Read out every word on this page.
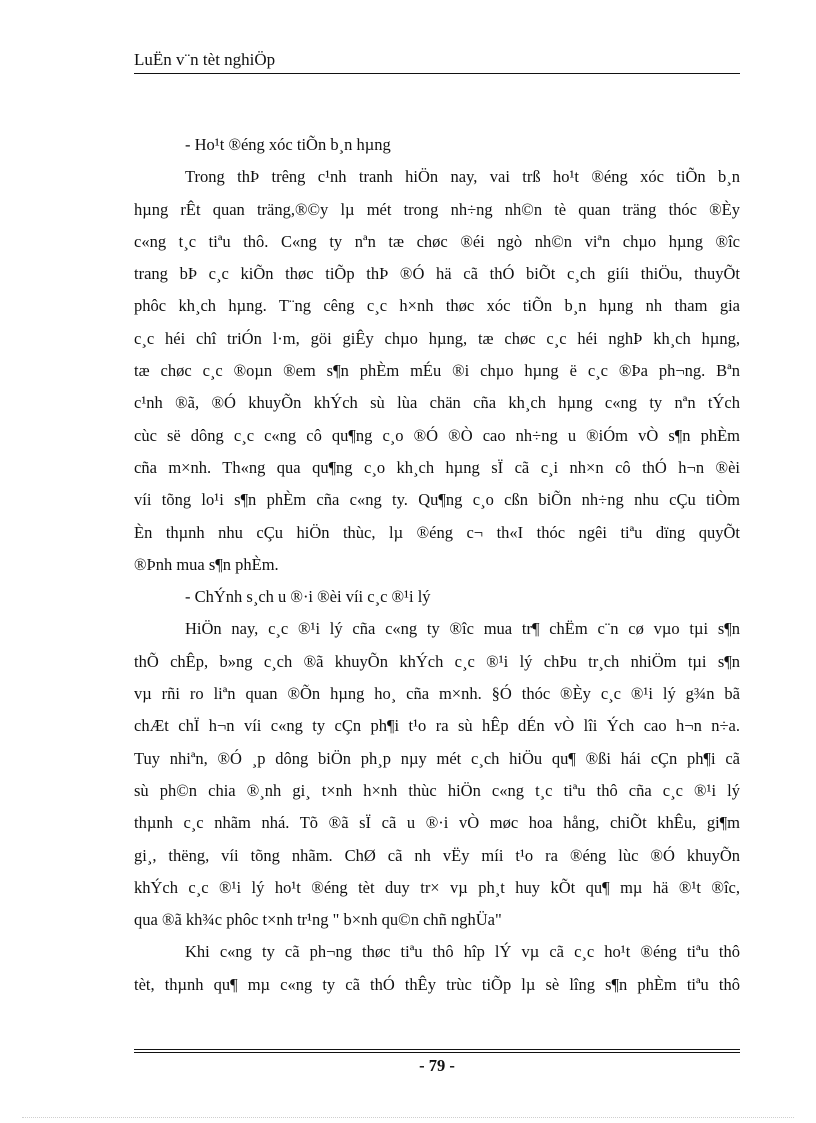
LuËn v¨n tèt nghiÖp
- Ho¹t ®éng xóc tiÕn b¸n hµng
Trong thÞ trêng c¹nh tranh hiÖn nay, vai trß ho¹t ®éng xóc tiÕn b¸n
hµng rÊt quan träng,®©y lµ mét trong nh÷ng nh©n tè quan träng thóc ®Èy
c«ng t¸c tiªu thô. C«ng ty nªn tæ chøc ®éi ngò nh©n viªn chµo hµng ®îc
trang bÞ c¸c kiÕn thøc tiÕp thÞ ®Ó hä cã thÓ biÕt c¸ch giíi thiÖu, thuyÕt
phôc kh¸ch hµng. T¨ng cêng c¸c h×nh thøc xóc tiÕn b¸n hµng nh tham gia
c¸c héi chî triÓn l·m, göi giÊy chµo hµng, tæ chøc c¸c héi nghÞ kh¸ch hµng,
tæ chøc c¸c ®oµn ®em s¶n phÈm mÉu ®i chµo hµng ë c¸c ®Þa ph¬ng. Bªn
c¹nh ®ã, ®Ó khuyÕn khÝch sù lùa chän cña kh¸ch hµng c«ng ty nªn tÝch
cùc së dông c¸c c«ng cô qu¶ng c¸o ®Ó ®Ò cao nh÷ng u ®iÓm vÒ s¶n phÈm
cña m×nh. Th«ng qua qu¶ng c¸o kh¸ch hµng sÏ cã c¸i nh×n cô thÓ h¬n ®èi
víi tõng lo¹i s¶n phÈm cña c«ng ty. Qu¶ng c¸o cßn biÕn nh÷ng nhu cÇu tiÒm
Èn thµnh nhu cÇu hiÖn thùc, lµ ®éng c¬ th«I thóc ngêi tiªu dïng quyÕt
®Þnh mua s¶n phÈm.
- ChÝnh s¸ch u ®·i ®èi víi c¸c ®¹i lý
HiÖn nay, c¸c ®¹i lý cña c«ng ty ®îc mua tr¶ chËm c¨n cø vµo tµi s¶n
thÕ chÊp, b»ng c¸ch ®ã khuyÕn khÝch c¸c ®¹i lý chÞu tr¸ch nhiÖm tµi s¶n
vµ rñi ro liªn quan ®Õn hµng ho¸ cña m×nh. §Ó thóc ®Èy c¸c ®¹i lý g¾n bã
chÆt chÏ h¬n víi c«ng ty cÇn ph¶i t¹o ra sù hÊp dÉn vÒ lîi Ých cao h¬n n÷a.
Tuy nhiªn, ®Ó ¸p dông biÖn ph¸p nµy mét c¸ch hiÖu qu¶ ®ßi hái cÇn ph¶i cã
sù ph©n chia ®¸nh gi¸ t×nh h×nh thùc hiÖn c«ng t¸c tiªu thô cña c¸c ®¹i lý
thµnh c¸c nhãm nhá. Tõ ®ã sÏ cã u ®·i vÒ møc hoa hång, chiÕt khÊu, gi¶m
gi¸, thëng, víi tõng nhãm. ChØ cã nh vËy míi t¹o ra ®éng lùc ®Ó khuyÕn
khÝch c¸c ®¹i lý ho¹t ®éng tèt duy tr× vµ ph¸t huy kÕt qu¶ mµ hä ®¹t ®îc,
qua ®ã kh¾c phôc t×nh tr¹ng " b×nh qu©n chñ nghÜa"
Khi c«ng ty cã ph¬ng thøc tiªu thô hîp lÝ vµ cã c¸c ho¹t ®éng tiªu thô
tèt, thµnh qu¶ mµ c«ng ty cã thÓ thÊy trùc tiÕp lµ sè lîng s¶n phÈm tiªu thô
- 79 -
